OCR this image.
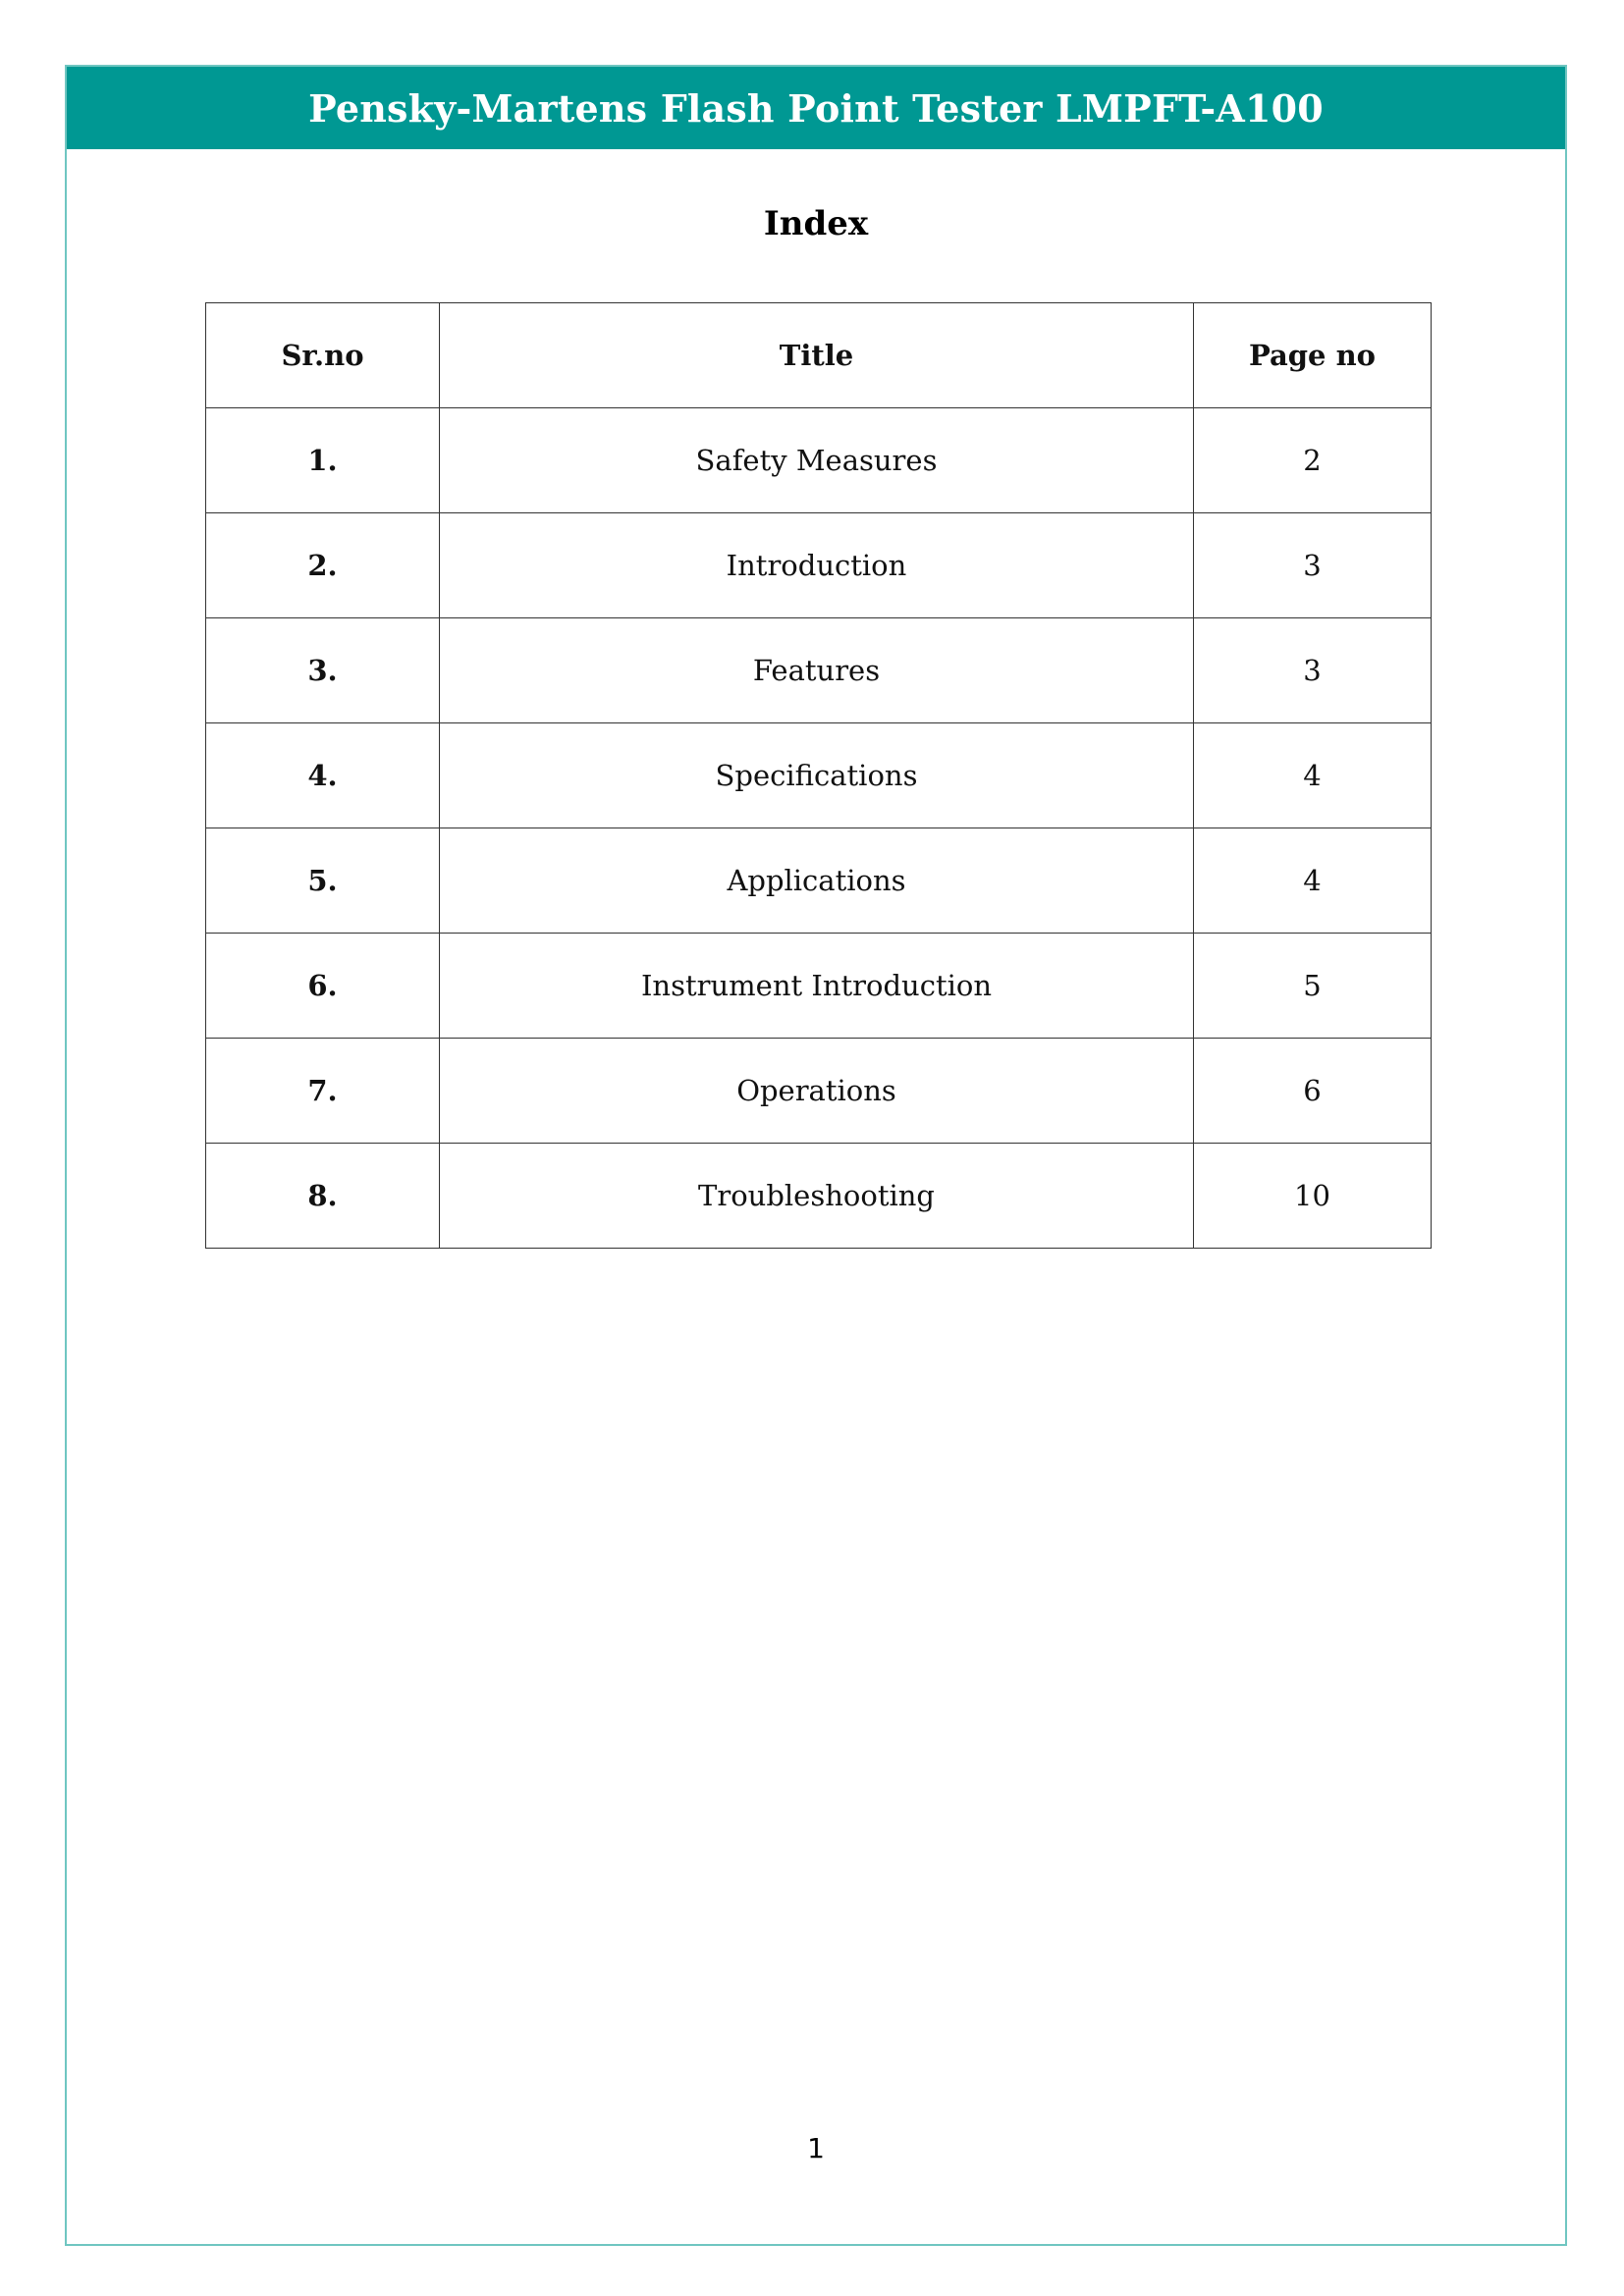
Pensky-Martens Flash Point Tester LMPFT-A100
Index
Sr.no	Title	Page no
1.	Safety Measures	2
2.	Introduction	3
3.	Features	3
4.	Specifications	4
5.	Applications	4
6.	Instrument Introduction	5
7.	Operations	6
8.	Troubleshooting	10
1
